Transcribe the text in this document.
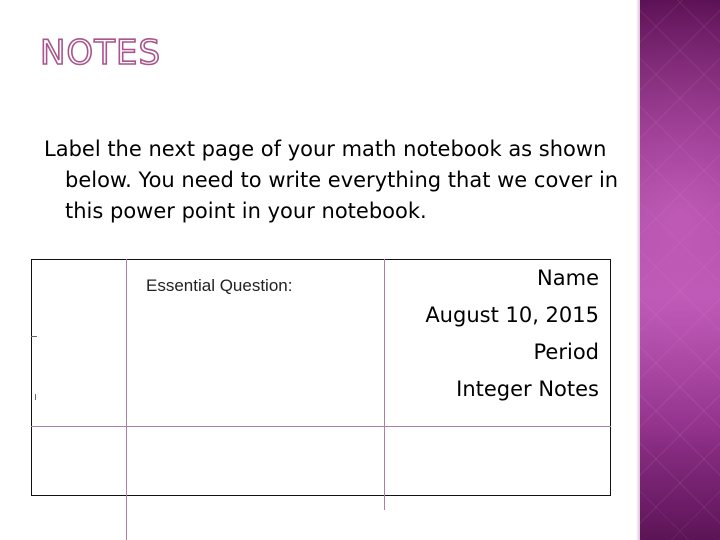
NOTES

Label the next page of your math notebook as shown below. You need to write everything that we cover in this power point in your notebook.

Essential Question:	Name
August 10, 2015
Period
Integer Notes
